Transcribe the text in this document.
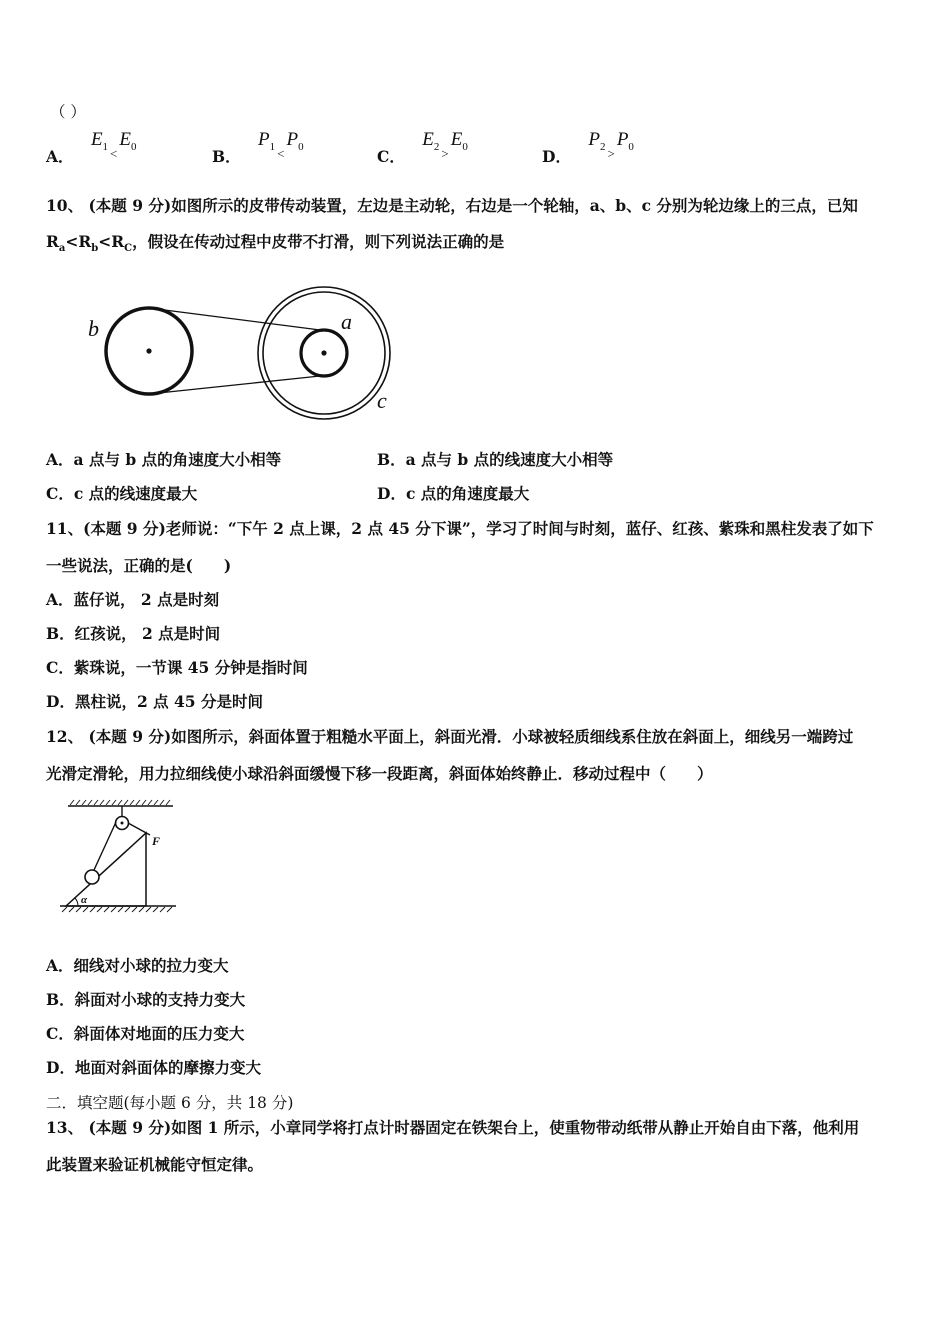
（ ）
A． $E_1$ $_<E_0$
B． $P_1$ $_<P_0$
C． $E_2$ $_>E_0$
D． $P_2$ $_>P_0$
10、 (本题 9 分)如图所示的皮带传动装置，左边是主动轮，右边是一个轮轴，a、b、c 分别为轮边缘上的三点，已知
$R_a<R_b<R_C$，假设在传动过程中皮带不打滑，则下列说法正确的是
b	a
c
A．a 点与 b 点的角速度大小相等	B．a 点与 b 点的线速度大小相等
C．c 点的线速度最大	D．c 点的角速度最大
11、(本题 9 分)老师说：“下午 2 点上课，2 点 45 分下课”，学习了时间与时刻，蓝仔、红孩、紫珠和黑柱发表了如下
一些说法，正确的是(　　)
A．蓝仔说， 2 点是时刻
B．红孩说， 2 点是时间
C．紫珠说，一节课 45 分钟是指时间
D．黑柱说，2 点 45 分是时间
12、 (本题 9 分)如图所示，斜面体置于粗糙水平面上，斜面光滑．小球被轻质细线系住放在斜面上，细线另一端跨过
光滑定滑轮，用力拉细线使小球沿斜面缓慢下移一段距离，斜面体始终静止．移动过程中（　　）
F
α
A．细线对小球的拉力变大
B．斜面对小球的支持力变大
C．斜面体对地面的压力变大
D．地面对斜面体的摩擦力变大
二．填空题(每小题 6 分，共 18 分)
13、 (本题 9 分)如图 1 所示，小章同学将打点计时器固定在铁架台上，使重物带动纸带从静止开始自由下落，他利用
此装置来验证机械能守恒定律。
